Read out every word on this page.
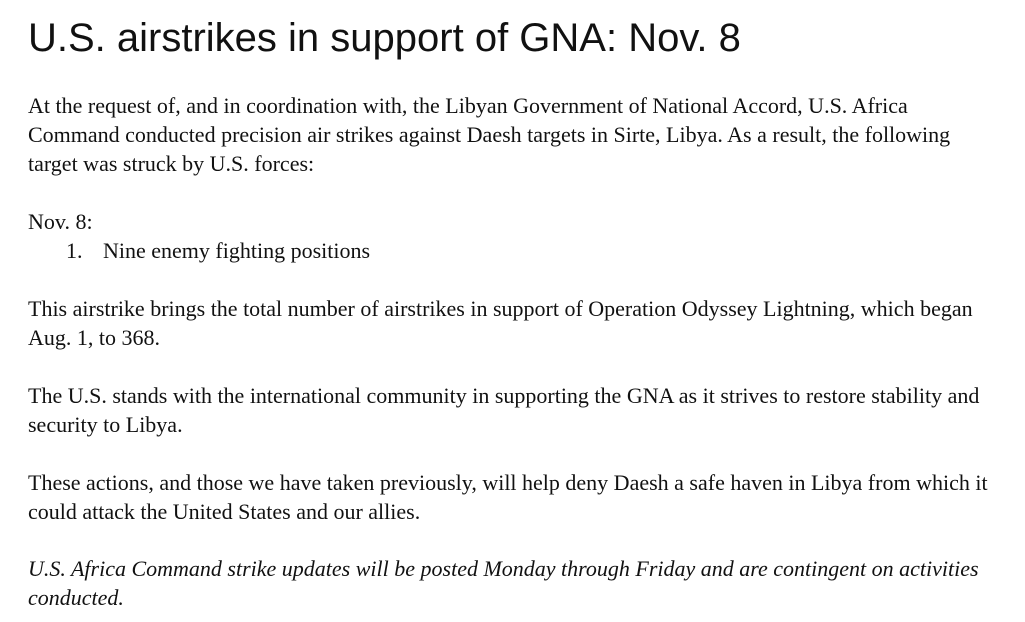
U.S. airstrikes in support of GNA: Nov. 8

At the request of, and in coordination with, the Libyan Government of National Accord, U.S. Africa Command conducted precision air strikes against Daesh targets in Sirte, Libya. As a result, the following target was struck by U.S. forces:

Nov. 8:

1. Nine enemy fighting positions

This airstrike brings the total number of airstrikes in support of Operation Odyssey Lightning, which began Aug. 1, to 368.

The U.S. stands with the international community in supporting the GNA as it strives to restore stability and security to Libya.

These actions, and those we have taken previously, will help deny Daesh a safe haven in Libya from which it could attack the United States and our allies.

U.S. Africa Command strike updates will be posted Monday through Friday and are contingent on activities conducted.
